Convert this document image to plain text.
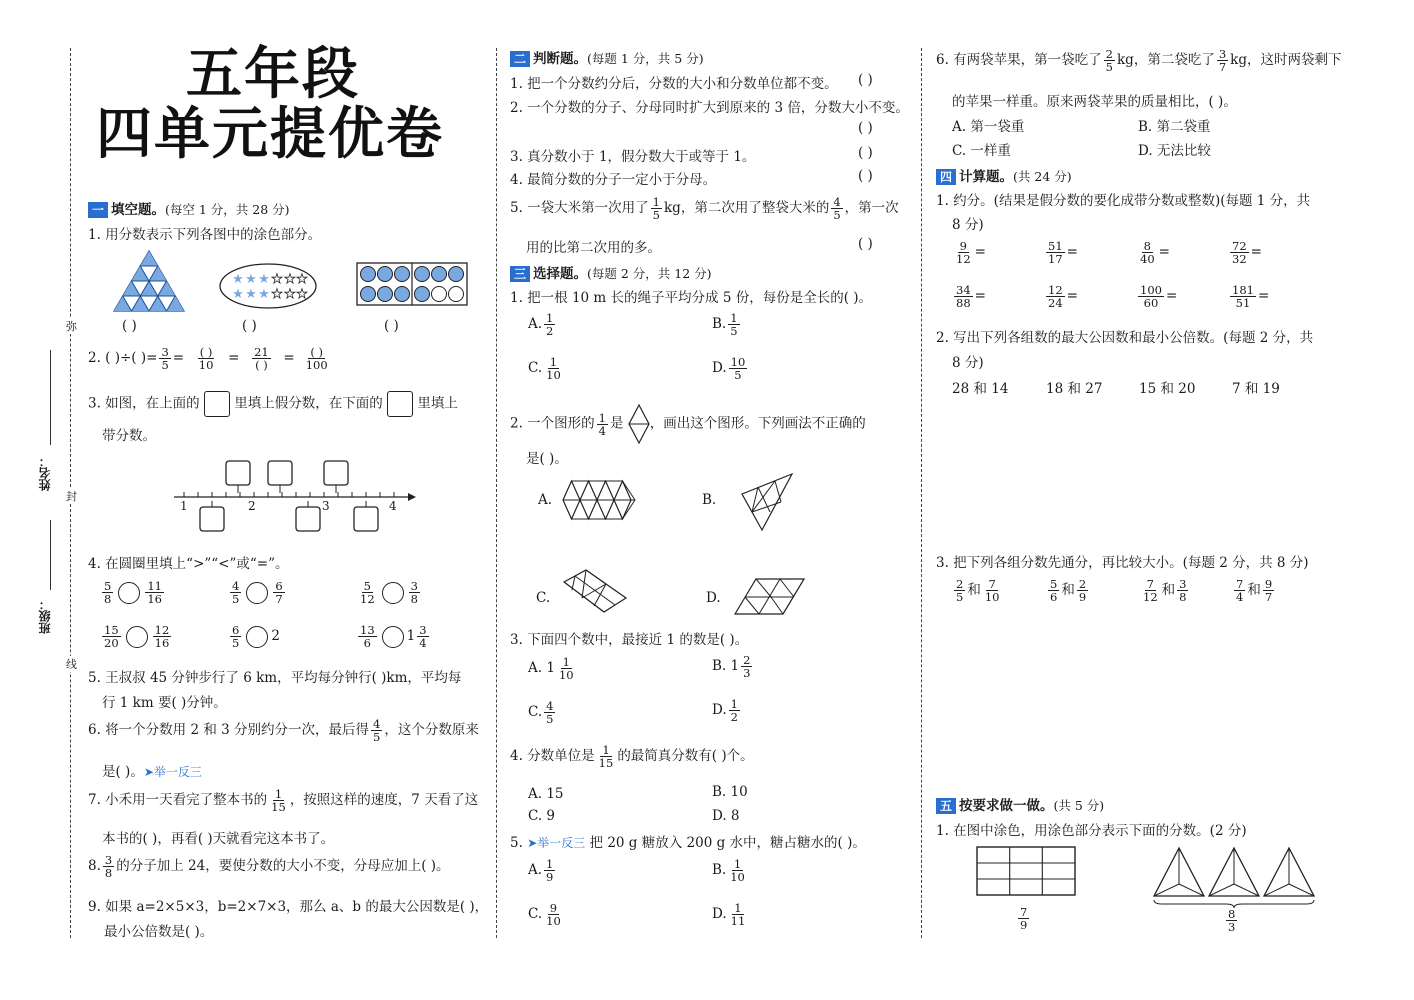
班级：
姓名：
弥
封
线
五年段
四单元提优卷
一 填空题。(每空 1 分，共 28 分)
1. 用分数表示下列各图中的涂色部分。
( )
★ ★ ★ ★ ★ ★
★ ★ ★ ★ ★ ★
( )	( )
2. ( )÷( )= $\frac{3}{5} = \frac{( )}{10} = \frac{21}{( )} = \frac{( )}{100}$
3. 如图，在上面的	里填上假分数，在下面的	里填上
带分数。
1	2	3	4
4. 在圆圈里填上“>”“<”或“=”。
$\frac{5}{8}$	$\frac{11}{16}$	$\frac{4}{5}$	$\frac{6}{7}$	$\frac{5}{12}$	$\frac{3}{8}$
$\frac{15}{20}$	$\frac{12}{16}$	$\frac{6}{5} 2$	$\frac{13}{6} 1 \frac{3}{4}$
5. 王叔叔 45 分钟步行了 6 km，平均每分钟行( )km，平均每
行 1 km 要( )分钟。
6. 将一个分数用 2 和 3 分别约分一次，最后得 $\frac{4}{5}$ ，这个分数原来
是( )。➤举一反三
7. 小禾用一天看完了整本书的 $\frac{1}{15}$ ，按照这样的速度，7 天看了这
本书的( )，再看( )天就看完这本书了。
8. $\frac{3}{8}$ 的分子加上 24，要使分数的大小不变，分母应加上( )。
9. 如果 a=2×5×3，b=2×7×3，那么 a、b 的最大公因数是( )，
最小公倍数是( )。
二 判断题。(每题 1 分，共 5 分)
1. 把一个分数约分后，分数的大小和分数单位都不变。 ( )
2. 一个分数的分子、分母同时扩大到原来的 3 倍，分数大小不变。
( )
3. 真分数小于 1，假分数大于或等于 1。	( )
4. 最简分数的分子一定小于分母。	( )
5. 一袋大米第一次用了 $\frac{1}{5}$ kg，第二次用了整袋大米的 $\frac{4}{5}$ ，第一次
用的比第二次用的多。	( )
三 选择题。(每题 2 分，共 12 分)
1. 把一根 10 m 长的绳子平均分成 5 份，每份是全长的( )。
A. $\frac{1}{2}$	B. $\frac{1}{5}$
C. $\frac{1}{10}$	D. $\frac{10}{5}$
2. 一个图形的 $\frac{1}{4}$ 是 ，画出这个图形。下列画法不正确的
是( )。
A.	B.
C.	D.
3. 下面四个数中，最接近 1 的数是( )。
A. $1 \frac{1}{10}$	B. $1 \frac{2}{3}$
C. $\frac{4}{5}$	D. $\frac{1}{2}$
4. 分数单位是 $\frac{1}{15}$ 的最简真分数有( )个。
A. 15	B. 10
C. 9	D. 8
5. ➤举一反三 把 20 g 糖放入 200 g 水中，糖占糖水的( )。
A. $\frac{1}{9}$	B. $\frac{1}{10}$
C. $\frac{9}{10}$	D. $\frac{1}{11}$
6. 有两袋苹果，第一袋吃了 $\frac{2}{5}$ kg，第二袋吃了 $\frac{3}{7}$ kg，这时两袋剩下
的苹果一样重。原来两袋苹果的质量相比，( )。
A. 第一袋重	B. 第二袋重
C. 一样重	D. 无法比较
四 计算题。(共 24 分)
1. 约分。(结果是假分数的要化成带分数或整数)(每题 1 分，共
8 分)
$\frac{9}{12}$ =	$\frac{51}{17}$ =	$\frac{8}{40}$ =	$\frac{72}{32}$ =
$\frac{34}{88}$ =	$\frac{12}{24}$ =	$\frac{100}{60}$ =	$\frac{181}{51}$ =
2. 写出下列各组数的最大公因数和最小公倍数。(每题 2 分，共
8 分)
28 和 14	18 和 27	15 和 20	7 和 19
3. 把下列各组分数先通分，再比较大小。(每题 2 分，共 8 分)
$\frac{2}{5}$ 和 $\frac{7}{10}$	$\frac{5}{6}$ 和 $\frac{2}{9}$	$\frac{7}{12}$ 和 $\frac{3}{8}$	$\frac{7}{4}$ 和 $\frac{9}{7}$
五 按要求做一做。(共 5 分)
1. 在图中涂色，用涂色部分表示下面的分数。(2 分)
$\frac{7}{9}$	$\frac{8}{3}$
